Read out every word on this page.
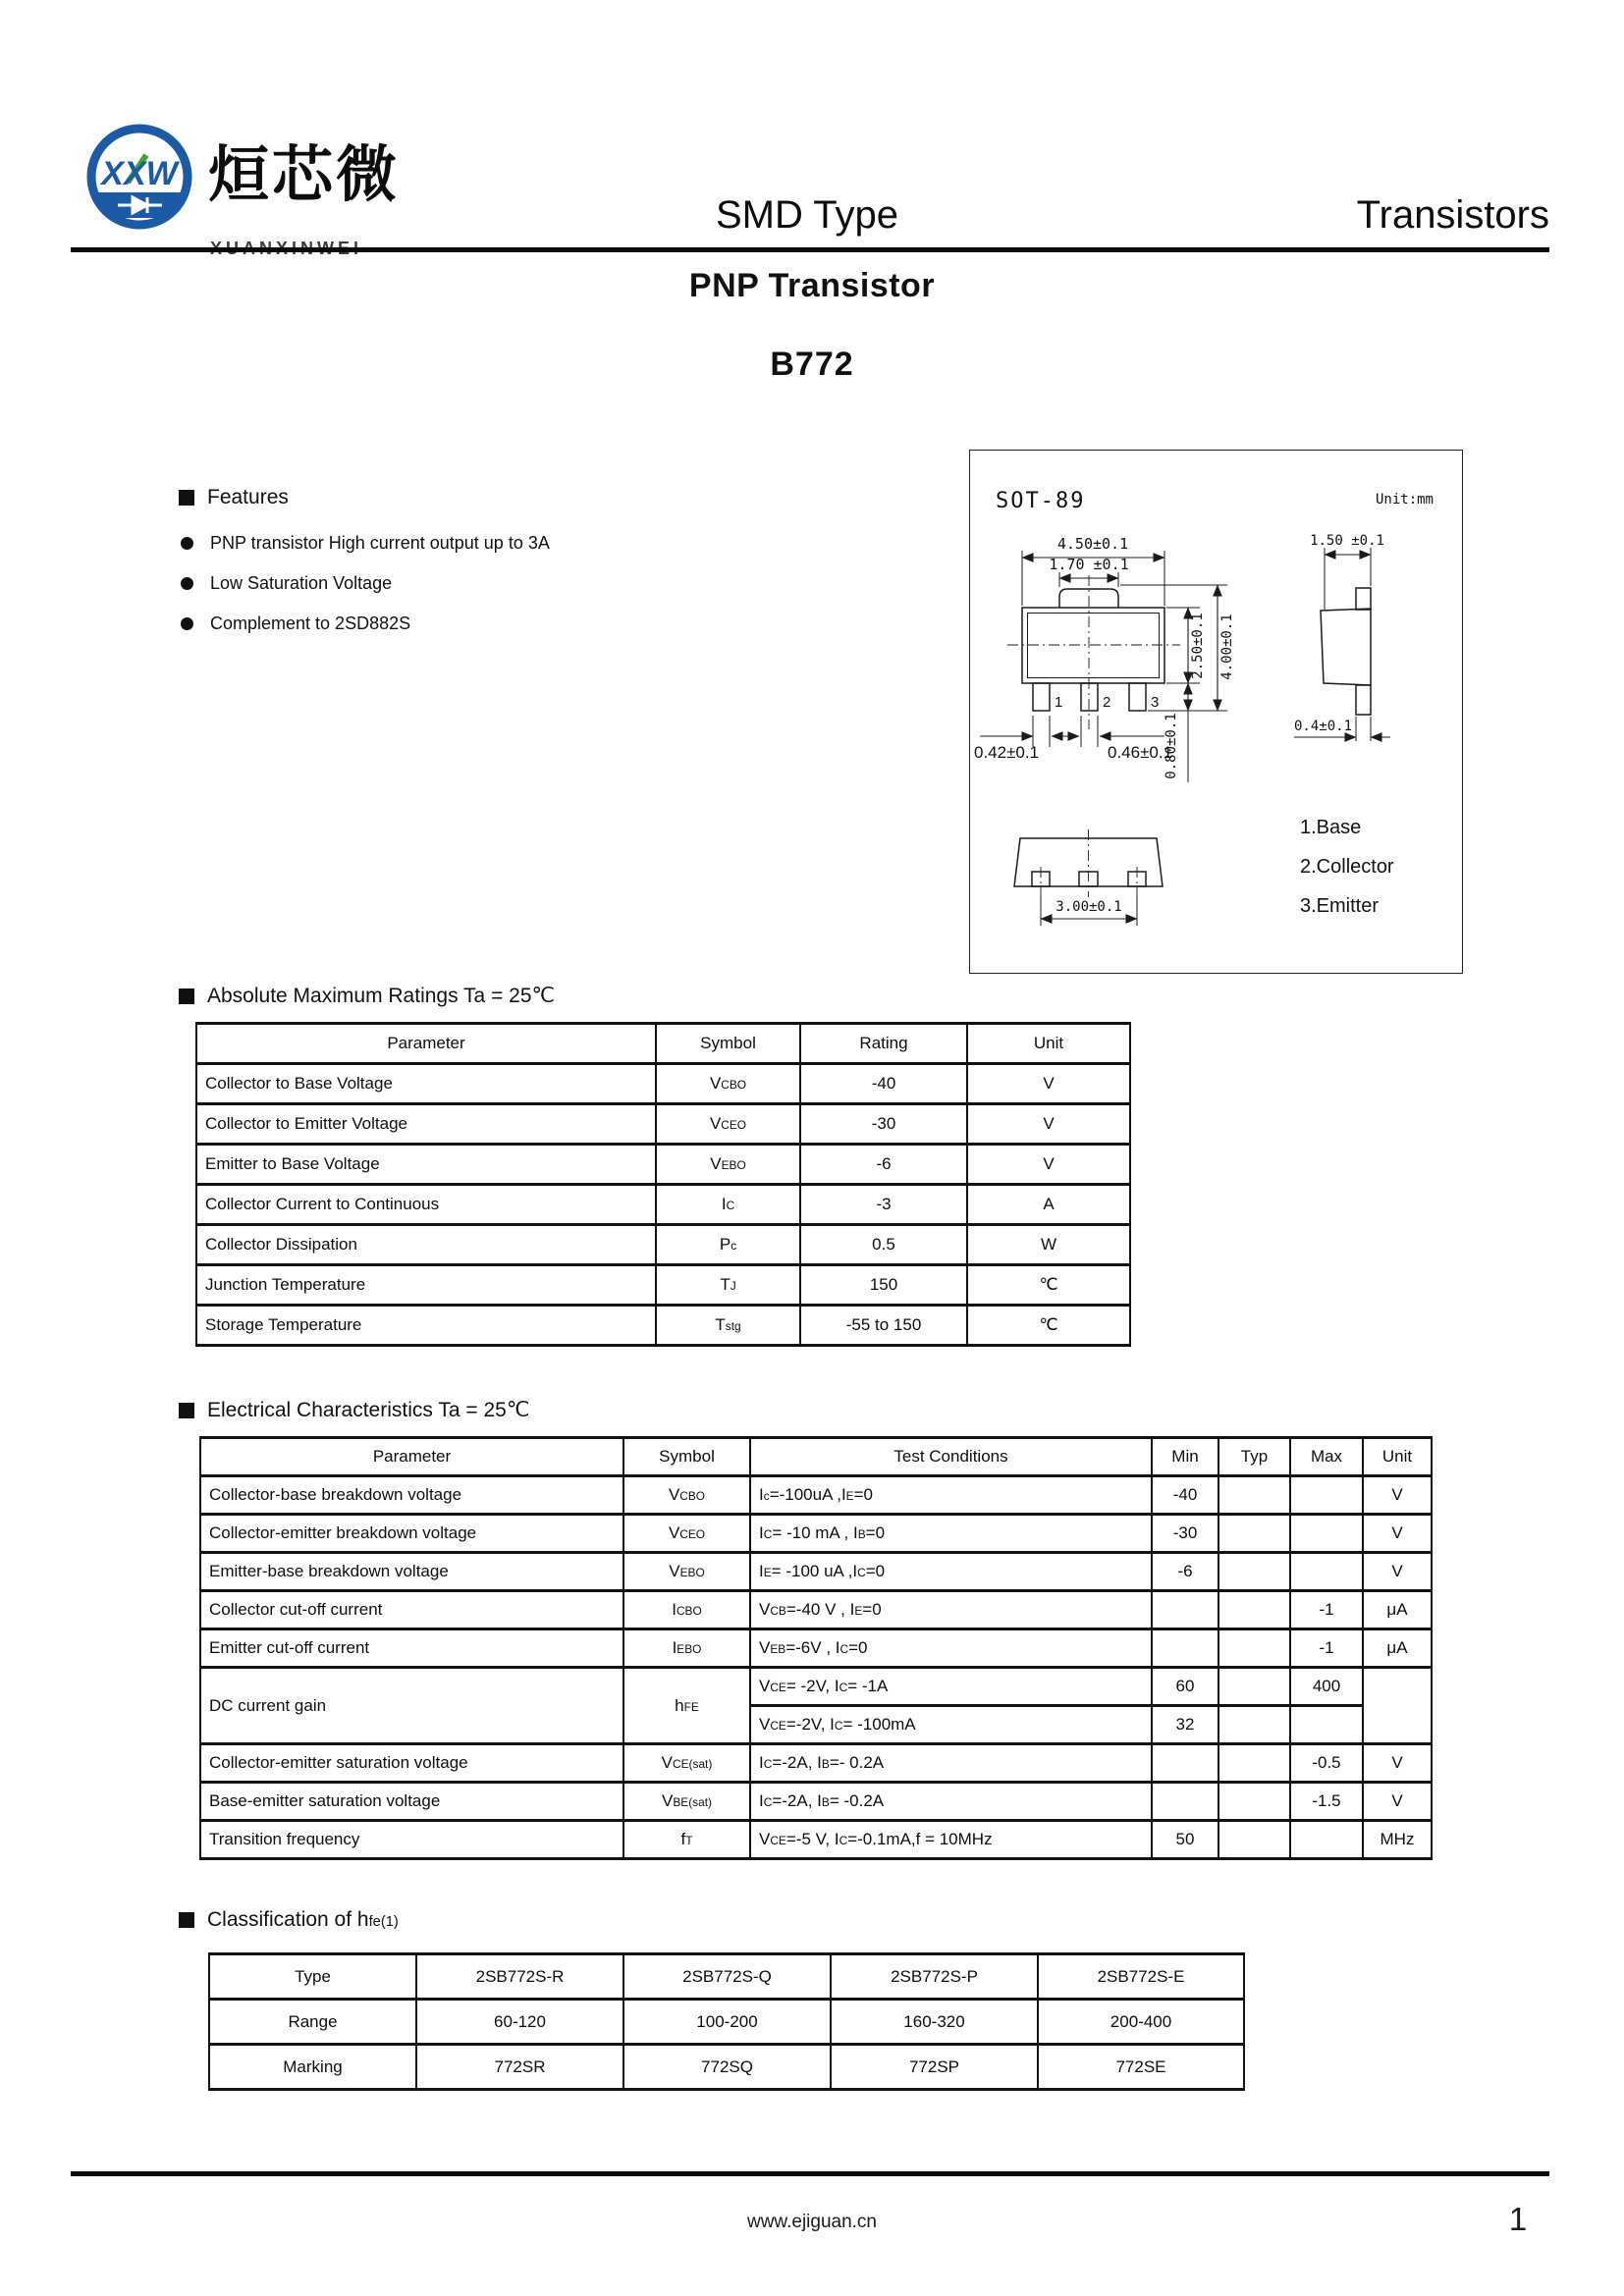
XXW 烜芯微
SMD Type	Transistors
PNP Transistor
B772
Features
PNP transistor High current output up to 3A
Low Saturation Voltage
Complement to 2SD882S
SOT-89	Unit:mm
1	2	3
4.50±0.1
1.70 ±0.1
2.50±0.1 4.00±0.1
0.80±0.1
0.42±0.1	0.46±0.1
1.50 ±0.1
0.4±0.1
3.00±0.1
1.Base
2.Collector
3.Emitter
Absolute Maximum Ratings Ta = 25℃
Parameter	Symbol	Rating	Unit
Collector to Base Voltage	VCBO	-40	V
Collector to Emitter Voltage	VCEO	-30	V
Emitter to Base Voltage	VEBO	-6	V
Collector Current to Continuous	IC	-3	A
Collector Dissipation	Pc	0.5	W
Junction Temperature	TJ	150	℃
Storage Temperature	Tstg	-55 to 150	℃
Electrical Characteristics Ta = 25℃
Parameter	Symbol	Test Conditions	Min	Typ	Max	Unit
Collector-base breakdown voltage	VCBO	Ic=-100uA ,IE=0	-40			V
Collector-emitter breakdown voltage	VCEO	IC= -10 mA , IB=0	-30			V
Emitter-base breakdown voltage	VEBO	IE= -100 uA ,IC=0	-6			V
Collector cut-off current	ICBO	VCB=-40 V , IE=0			-1	μA
Emitter cut-off current	IEBO	VEB=-6V , IC=0			-1	μA
DC current gain	hFE	VCE= -2V, IC= -1A	60		400	
		VCE=-2V, IC= -100mA	32			
Collector-emitter saturation voltage	VCE(sat)	IC=-2A, IB=- 0.2A			-0.5	V
Base-emitter saturation voltage	VBE(sat)	IC=-2A, IB= -0.2A			-1.5	V
Transition frequency	fT	VCE=-5 V, IC=-0.1mA,f = 10MHz	50			MHz
Classification of hfe(1)
Type	2SB772S-R	2SB772S-Q	2SB772S-P	2SB772S-E
Range	60-120	100-200	160-320	200-400
Marking	772SR	772SQ	772SP	772SE
www.ejiguan.cn	1
